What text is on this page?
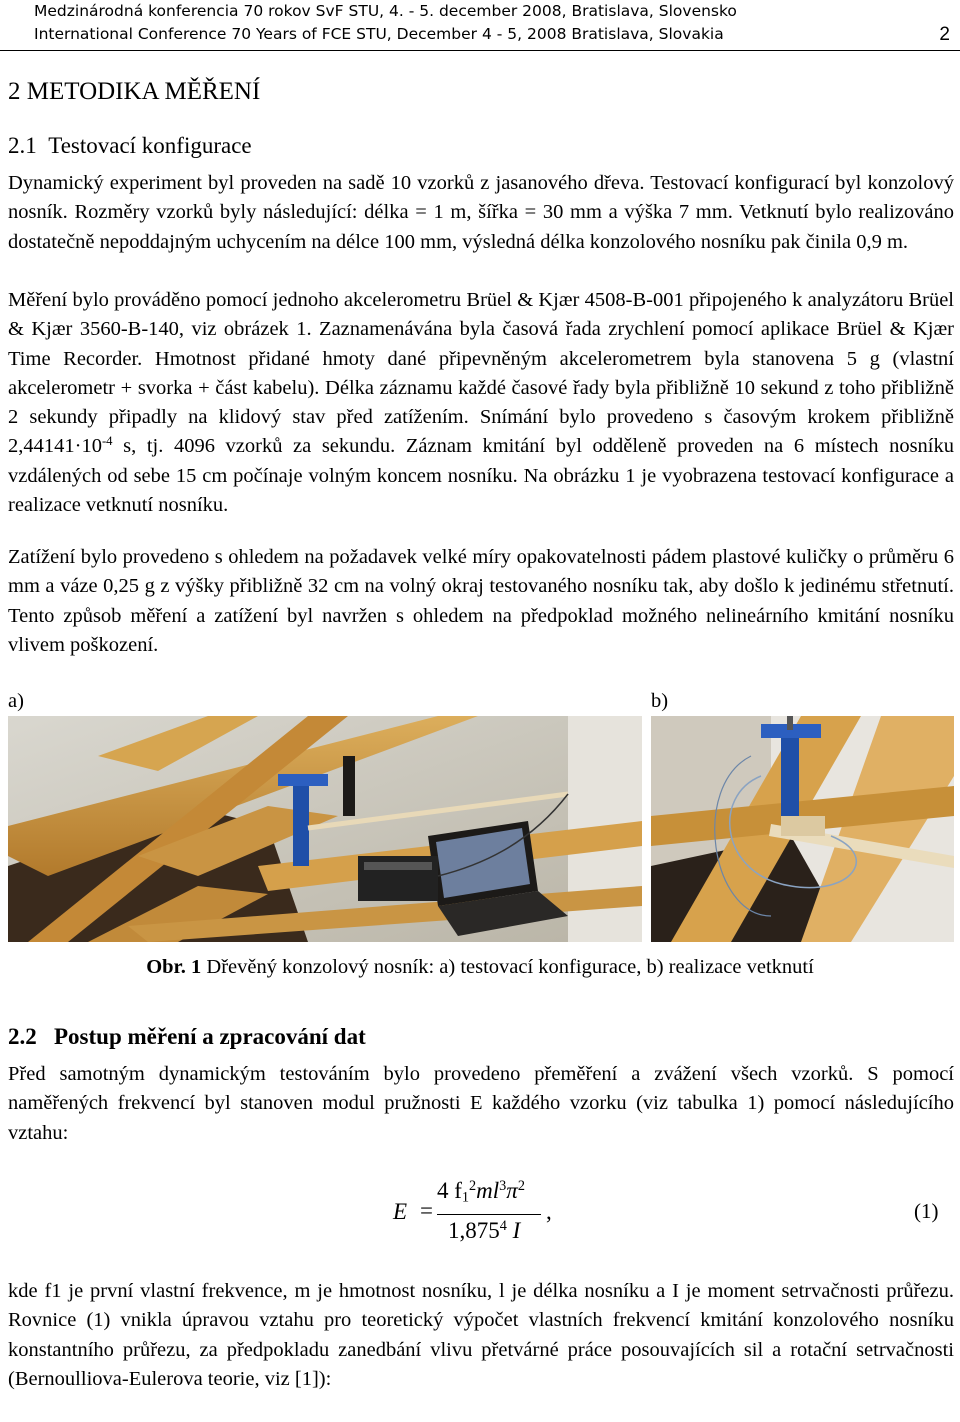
Medzinárodná konferencia 70 rokov SvF STU, 4. - 5. december 2008, Bratislava, Slovensko
International Conference 70 Years of FCE STU, December 4 - 5, 2008 Bratislava, Slovakia	2
2 METODIKA MĚŘENÍ
2.1 Testovací konfigurace

Dynamický experiment byl proveden na sadě 10 vzorků z jasanového dřeva. Testovací konfigurací byl konzolový nosník. Rozměry vzorků byly následující: délka = 1 m, šířka = 30 mm a výška 7 mm. Vetknutí bylo realizováno dostatečně nepoddajným uchycením na délce 100 mm, výsledná délka konzolového nosníku pak činila 0,9 m.

Měření bylo prováděno pomocí jednoho akcelerometru Brüel & Kjær 4508-B-001 připojeného k analyzátoru Brüel & Kjær 3560-B-140, viz obrázek 1. Zaznamenávána byla časová řada zrychlení pomocí aplikace Brüel & Kjær Time Recorder. Hmotnost přidané hmoty dané připevněným akcelerometrem byla stanovena 5 g (vlastní akcelerometr + svorka + část kabelu). Délka záznamu každé časové řady byla přibližně 10 sekund z toho přibližně 2 sekundy připadly na klidový stav před zatížením. Snímání bylo provedeno s časovým krokem přibližně $2,44141\cdot 10^{-4}$ s, tj. 4096 vzorků za sekundu. Záznam kmitání byl odděleně proveden na 6 místech nosníku vzdálených od sebe 15 cm počínaje volným koncem nosníku. Na obrázku 1 je vyobrazena testovací konfigurace a realizace vetknutí nosníku.

Zatížení bylo provedeno s ohledem na požadavek velké míry opakovatelnosti pádem plastové kuličky o průměru 6 mm a váze 0,25 g z výšky přibližně 32 cm na volný okraj testovaného nosníku tak, aby došlo k jedinému střetnutí. Tento způsob měření a zatížení byl navržen s ohledem na předpoklad možného nelineárního kmitání nosníku vlivem poškození.

a)	b)
Obr. 1 Dřevěný konzolový nosník: a) testovací konfigurace, b) realizace vetknutí
2.2 Postup měření a zpracování dat

Před samotným dynamickým testováním bylo provedeno přeměření a zvážení všech vzorků. S pomocí naměřených frekvencí byl stanoven modul pružnosti E každého vzorku (viz tabulka 1) pomocí následujícího vztahu:

E =
4 $f_1^2ml^3\pi^2$
1,875$^4$ I
,	(1)

kde f1 je první vlastní frekvence, m je hmotnost nosníku, l je délka nosníku a I je moment setrvačnosti průřezu. Rovnice (1) vnikla úpravou vztahu pro teoretický výpočet vlastních frekvencí kmitání konzolového nosníku konstantního průřezu, za předpokladu zanedbání vlivu přetvárné práce posouvajících sil a rotační setrvačnosti (Bernoulliova-Eulerova teorie, viz [1]):
